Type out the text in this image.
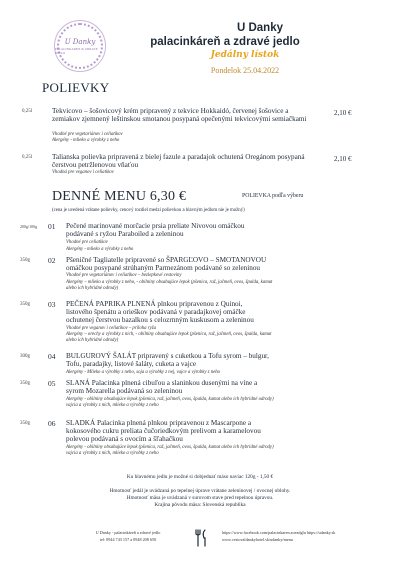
U Danky
PALACINKAREN & ZDRAVE JEDLO
U Danky
palacinkáreň a zdravé jedlo
Jedálny lístok
Pondelok 25.04.2022
POLIEVKY
0,25l	Tekvicovo – šošovicový krém pripravený z tekvice Hokkaidó, červenej šošovice a zemiakov zjemnený leštinskou smotanou posypaná opečenými tekvicovými semiačkami
Vhodné pre vegetariánov i celiatikov
Alergény - mlieko a výrobky z neho
2,10 €
0,25l	Talianska polievka pripravená z bielej fazule a paradajok ochutená Oregánom posypaná čerstvou petržlenovou vňaťou
Vhodná pre veganov i celiatikov
2,10 €
DENNÉ MENU 6,30 €	POLIEVKA podľa výberu
(cena je uvedená vrátane polievky, cenový rozdiel medzi polievkou a hlavným jedlom nie je možný)
200g/100g 01 Pečené marinované morčacie prsia preliate Nivovou omáčkou
podávané s ryžou Paraboiled a zeleninou
Vhodné pre celiatikov
Alergény - mlieko a výrobky z neho
350g 02 Pšeničné Tagliatelle pripravené so ŠPARGĽOVO – SMOTANOVOU
omáčkou posypané strúhaným Parmezánom podávané so zeleninou
Vhodné pre vegetariánov i celiatikov – bezlepkové cestoviny
Alergény – mlieko a výrobky z neho, - obilniny obsahujúce lepok (pšenica, raž, jačmeň, ovos, špalda, kamut
alebo ich hybridné odrody)
350g 03 PEČENÁ PAPRIKA PLNENÁ plnkou pripravenou z Quinoi,
listového špenátu a orieškov podávaná v paradajkovej omáčke
ochutenej čerstvou bazalkou s celozrnným kuskusom a zeleninou
Vhodné pre veganov i celiatikov – príloha ryža
Alergény – orechy a výrobky z nich, - obilniny obsahujúce lepok (pšenica, raž, jačmeň, ovos, špalda, kamut
alebo ich hybridné odrody)
300g 04 BULGUROVÝ ŠALÁT pripravený s cuketkou a Tofu syrom – bulgur,
Tofu, paradajky, listové šaláty, cuketa a vajce
Alergény - Mlieko a výrobky z neho, soja a výrobky z nej, vajce a výrobky z neho
350g 05 SLANÁ Palacinka plnená cibuľou a slaninkou dusenými na víne a
syrom Mozarella podávaná so zeleninou
Alergény - obilniny obsahujúce lepok (pšenica, raž, jačmeň, ovos, špalda, kamut alebo ich hybridné odrody)
vajcia a výrobky z nich, mlieko a výrobky z neho
350g 06 SLADKÁ Palacinka plnená plnkou pripravenou z Mascarpone a
kokosového cukru preliata čučoriedkovým prelivom a karamelovou
polevou podávaná s ovocím a šľahačkou
Alergény - obilniny obsahujúce lepok (pšenica, raž, jačmeň, ovos, špalda, kamut alebo ich hybridné odrody)
vajcia a výrobky z nich, mlieko a výrobky z neho
Ku hlavnému jedlu je možné si dobjednať máso navíac 120g - 1,50 €
Hmotnosť jedál je uvádzaná po tepelnej úprave vrátane zeleninovej / ovocnej oblohy.
Hmotnosť mäsa je uvádzaná v surovom stave pred tepelnou úpravou.
Krajina pôvodu mäsa: Slovenská republika
U Danky - palacinkáreň a zdravé jedlo
tel: 0944 743 157 a 0948 208 650
https://www.facebook.com/palacinkaren.zoezdglu https://udanky.sk
www.cestovaldankyhotel.sk/udanky/menu
